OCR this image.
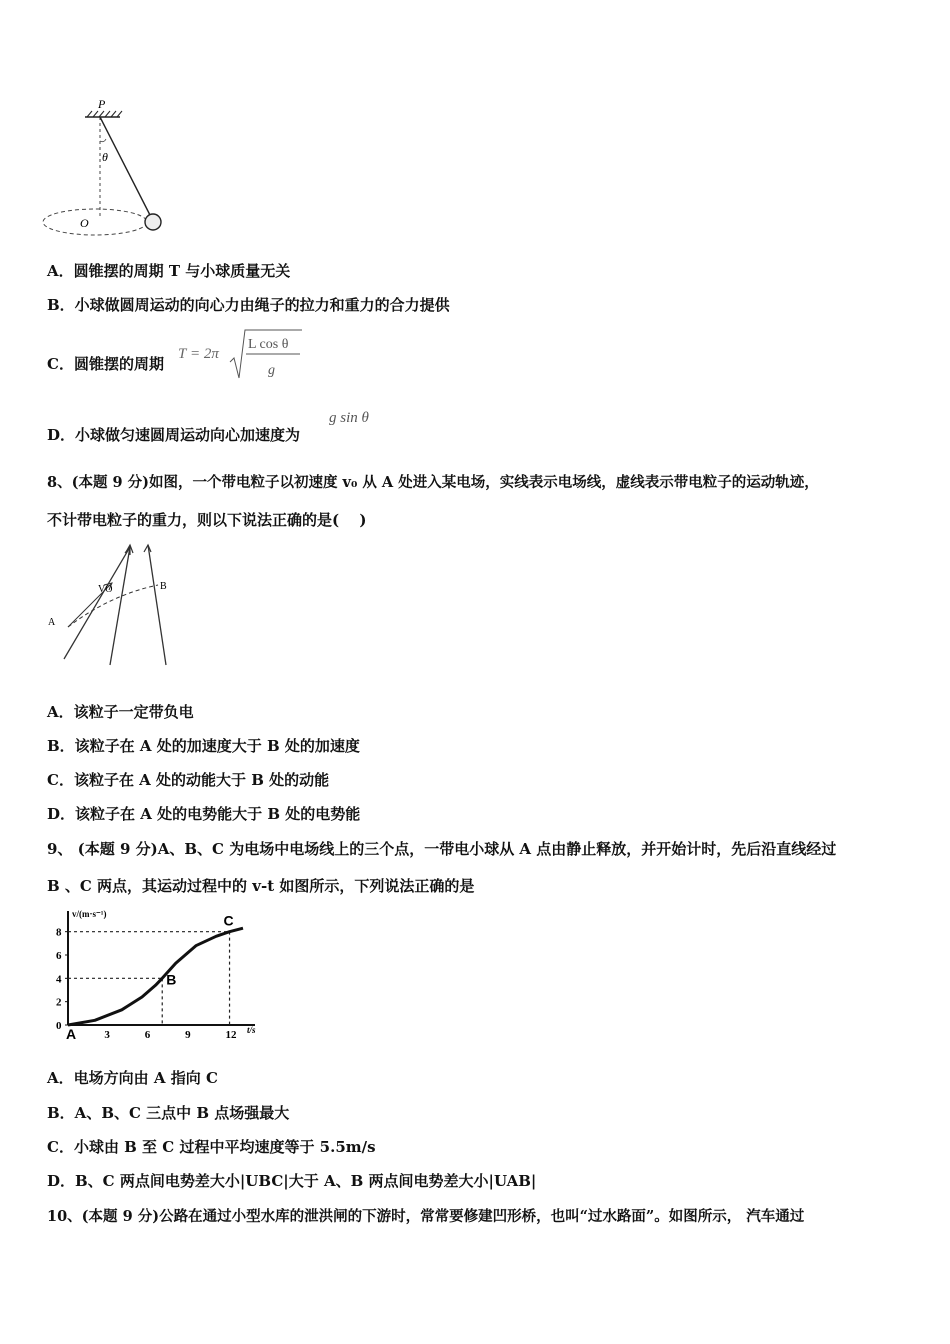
P
θ
O
A．圆锥摆的周期 T 与小球质量无关
B．小球做圆周运动的向心力由绳子的拉力和重力的合力提供
C．圆锥摆的周期
T = 2π
L cos θ
g
D．小球做匀速圆周运动向心加速度为
g sin θ
8、(本题 9 分)如图，一个带电粒子以初速度 v₀ 从 A 处进入某电场，实线表示电场线，虚线表示带电粒子的运动轨迹，
不计带电粒子的重力，则以下说法正确的是(　 )
A
VO	B
A．该粒子一定带负电
B．该粒子在 A 处的加速度大于 B 处的加速度
C．该粒子在 A 处的动能大于 B 处的动能
D．该粒子在 A 处的电势能大于 B 处的电势能
9、 (本题 9 分)A、B、C 为电场中电场线上的三个点，一带电小球从 A 点由静止释放，并开始计时，先后沿直线经过
B 、C 两点，其运动过程中的 v-t 如图所示，下列说法正确的是
v/(m·s⁻¹)
t/s
0
2
4
6
8
3	6	9	12
A
B
C
A．电场方向由 A 指向 C
B．A、B、C 三点中 B 点场强最大
C．小球由 B 至 C 过程中平均速度等于 5.5m/s
D．B、C 两点间电势差大小|UBC|大于 A、B 两点间电势差大小|UAB|
10、(本题 9 分)公路在通过小型水库的泄洪闸的下游时，常常要修建凹形桥，也叫“过水路面”。如图所示， 汽车通过
